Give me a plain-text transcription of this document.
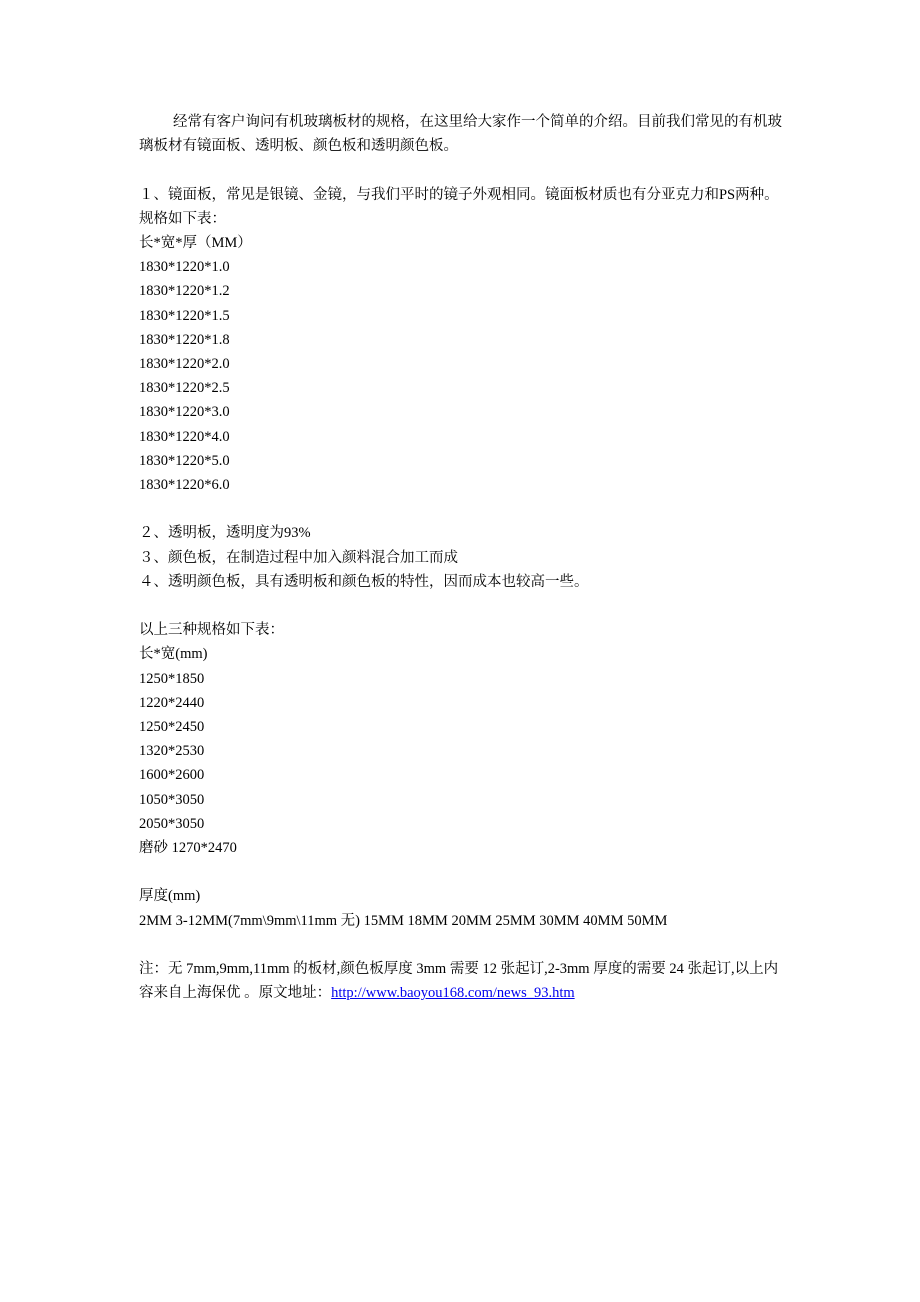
经常有客户询问有机玻璃板材的规格，在这里给大家作一个简单的介绍。目前我们常见的有机玻璃板材有镜面板、透明板、颜色板和透明颜色板。

１、镜面板，常见是银镜、金镜，与我们平时的镜子外观相同。镜面板材质也有分亚克力和PS两种。规格如下表：

长*宽*厚（MM）

1830*1220*1.0

1830*1220*1.2

1830*1220*1.5

1830*1220*1.8

1830*1220*2.0

1830*1220*2.5

1830*1220*3.0

1830*1220*4.0

1830*1220*5.0

1830*1220*6.0

２、透明板，透明度为93%

３、颜色板，在制造过程中加入颜料混合加工而成

４、透明颜色板，具有透明板和颜色板的特性，因而成本也较高一些。

以上三种规格如下表：

长*宽(mm)

1250*1850

1220*2440

1250*2450

1320*2530

1600*2600

1050*3050

2050*3050

磨砂 1270*2470

厚度(mm)

2MM 3-12MM(7mm\9mm\11mm 无) 15MM 18MM 20MM 25MM 30MM 40MM 50MM

注：无 7mm,9mm,11mm 的板材,颜色板厚度 3mm 需要 12 张起订,2-3mm 厚度的需要 24 张起订,以上内容来自上海保优 。原文地址：http://www.baoyou168.com/news_93.htm
